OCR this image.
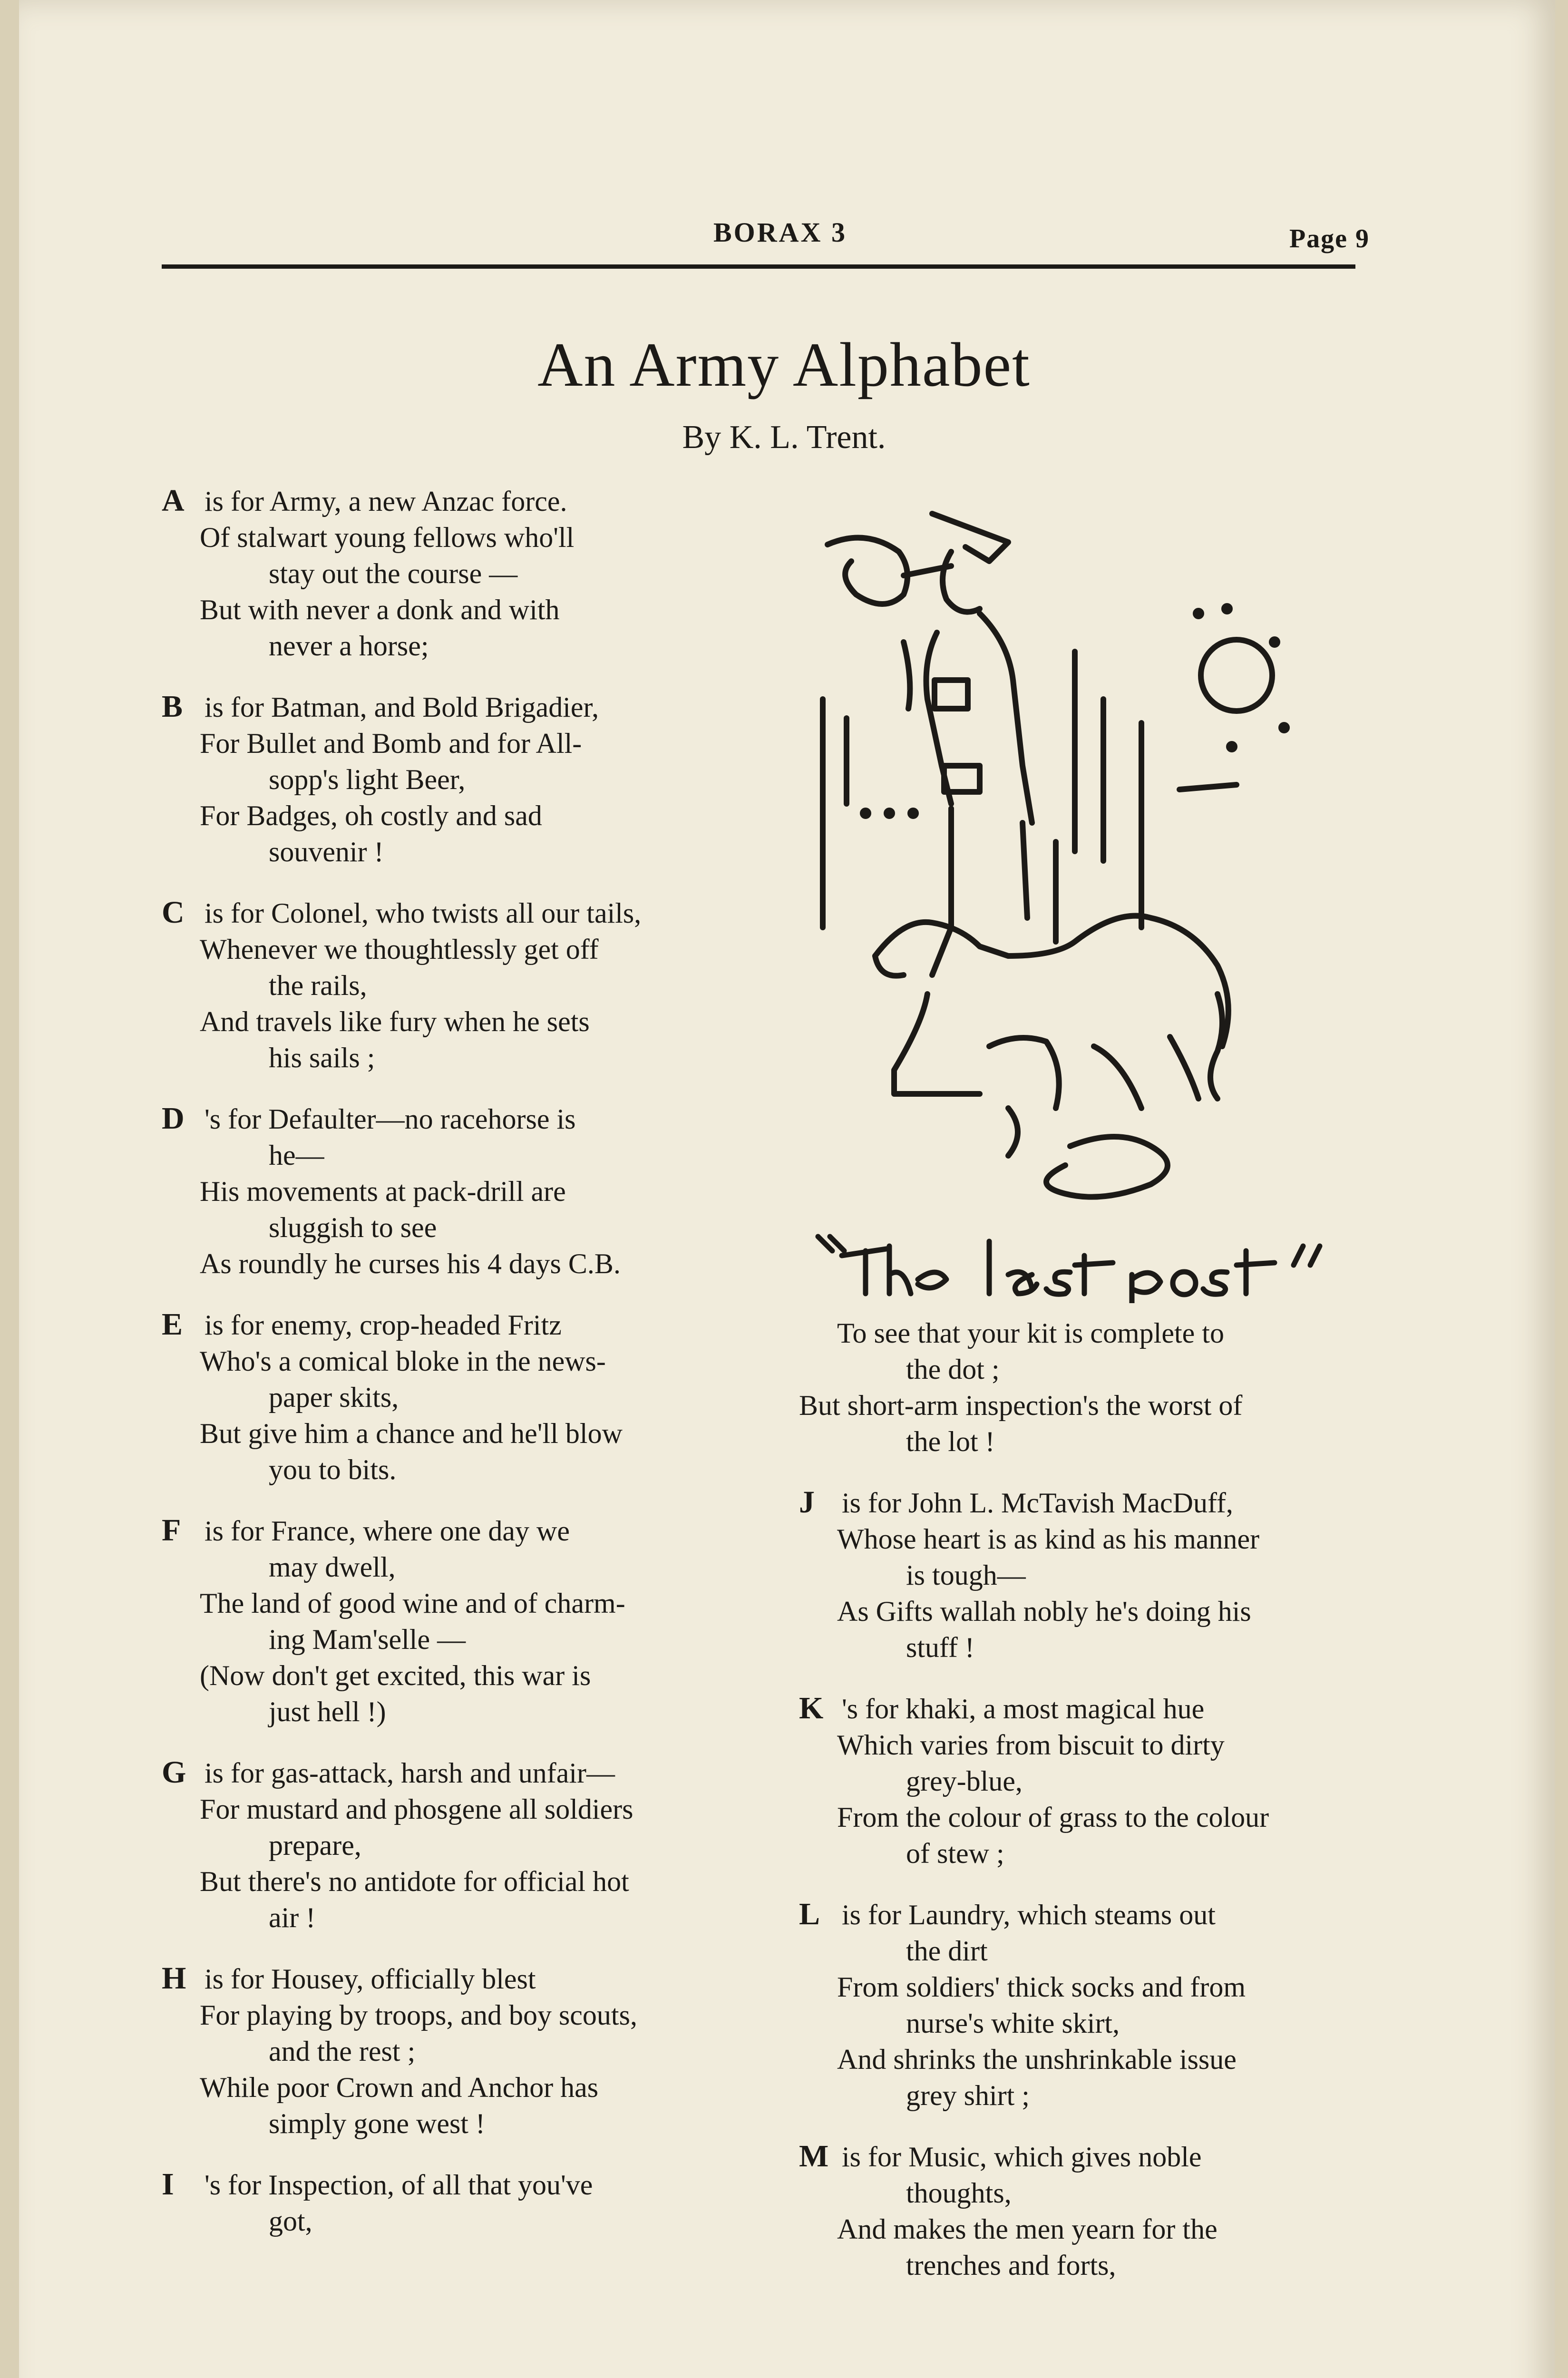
BORAX 3	Page 9
An Army Alphabet
By K. L. Trent.
A is for Army, a new Anzac force.
Of stalwart young fellows who'll
stay out the course —
But with never a donk and with
never a horse;
B is for Batman, and Bold Brigadier,
For Bullet and Bomb and for All-
sopp's light Beer,
For Badges, oh costly and sad
souvenir !
C is for Colonel, who twists all our tails,
Whenever we thoughtlessly get off
the rails,
And travels like fury when he sets
his sails ;
D 's for Defaulter—no racehorse is
he—
His movements at pack-drill are
sluggish to see
As roundly he curses his 4 days C.B.
E is for enemy, crop-headed Fritz
Who's a comical bloke in the news-
paper skits,
But give him a chance and he'll blow
you to bits.
F is for France, where one day we
may dwell,
The land of good wine and of charm-
ing Mam'selle —
(Now don't get excited, this war is
just hell !)
G is for gas-attack, harsh and unfair—
For mustard and phosgene all soldiers
prepare,
But there's no antidote for official hot
air !
H is for Housey, officially blest
For playing by troops, and boy scouts,
and the rest ;
While poor Crown and Anchor has
simply gone west !
I 's for Inspection, of all that you've
got,
To see that your kit is complete to
the dot ;
But short-arm inspection's the worst of
the lot !
J is for John L. McTavish MacDuff,
Whose heart is as kind as his manner
is tough—
As Gifts wallah nobly he's doing his
stuff !
K 's for khaki, a most magical hue
Which varies from biscuit to dirty
grey-blue,
From the colour of grass to the colour
of stew ;
L is for Laundry, which steams out
the dirt
From soldiers' thick socks and from
nurse's white skirt,
And shrinks the unshrinkable issue
grey shirt ;
M is for Music, which gives noble
thoughts,
And makes the men yearn for the
trenches and forts,
